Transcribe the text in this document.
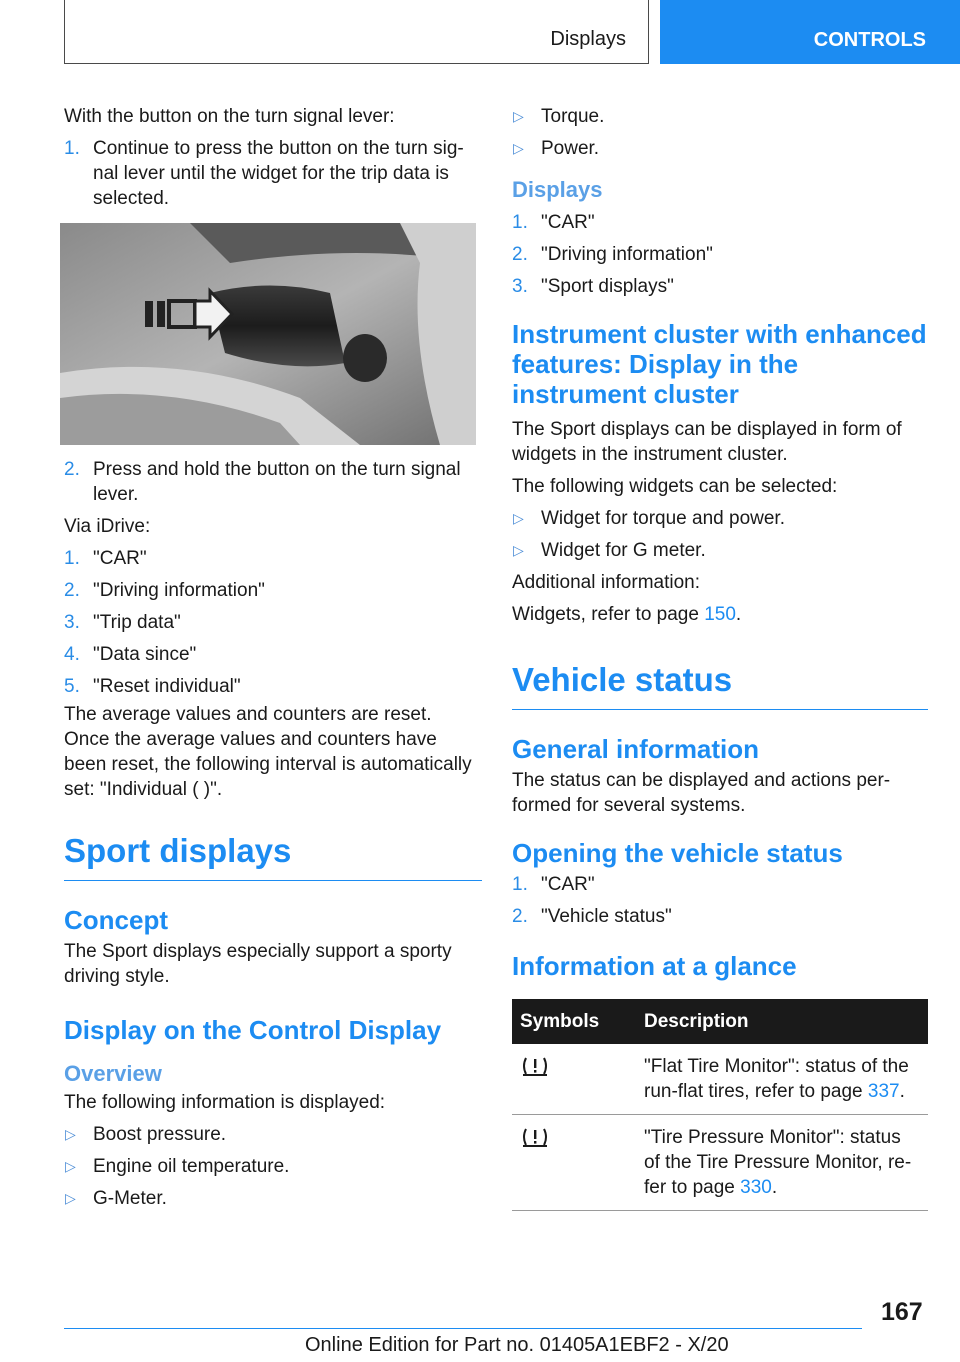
Displays	CONTROLS

With the button on the turn signal lever:

1. Continue to press the button on the turn sig-nal lever until the widget for the trip data is selected.
2. Press and hold the button on the turn signal lever.

Via iDrive:

1. "CAR"
2. "Driving information"
3. "Trip data"
4. "Data since"
5. "Reset individual"

The average values and counters are reset. Once the average values and counters have been reset, the following interval is automatically set: "Individual ( )".

Sport displays
Concept

The Sport displays especially support a sporty driving style.

Display on the Control Display
Overview

The following information is displayed:

▷ Boost pressure.
▷ Engine oil temperature.
▷ G-Meter.
▷ Torque.
▷ Power.
Displays
1. "CAR"
2. "Driving information"
3. "Sport displays"
Instrument cluster with enhanced features: Display in the instrument cluster

The Sport displays can be displayed in form of widgets in the instrument cluster.

The following widgets can be selected:

▷ Widget for torque and power.
▷ Widget for G meter.

Additional information:

Widgets, refer to page 150.

Vehicle status
General information

The status can be displayed and actions per-formed for several systems.

Opening the vehicle status
1. "CAR"
2. "Vehicle status"
Information at a glance
Symbols	Description
	"Flat Tire Monitor": status of the run-flat tires, refer to page 337.
	"Tire Pressure Monitor": status of the Tire Pressure Monitor, re-fer to page 330.
167
Online Edition for Part no. 01405A1EBF2 - X/20
